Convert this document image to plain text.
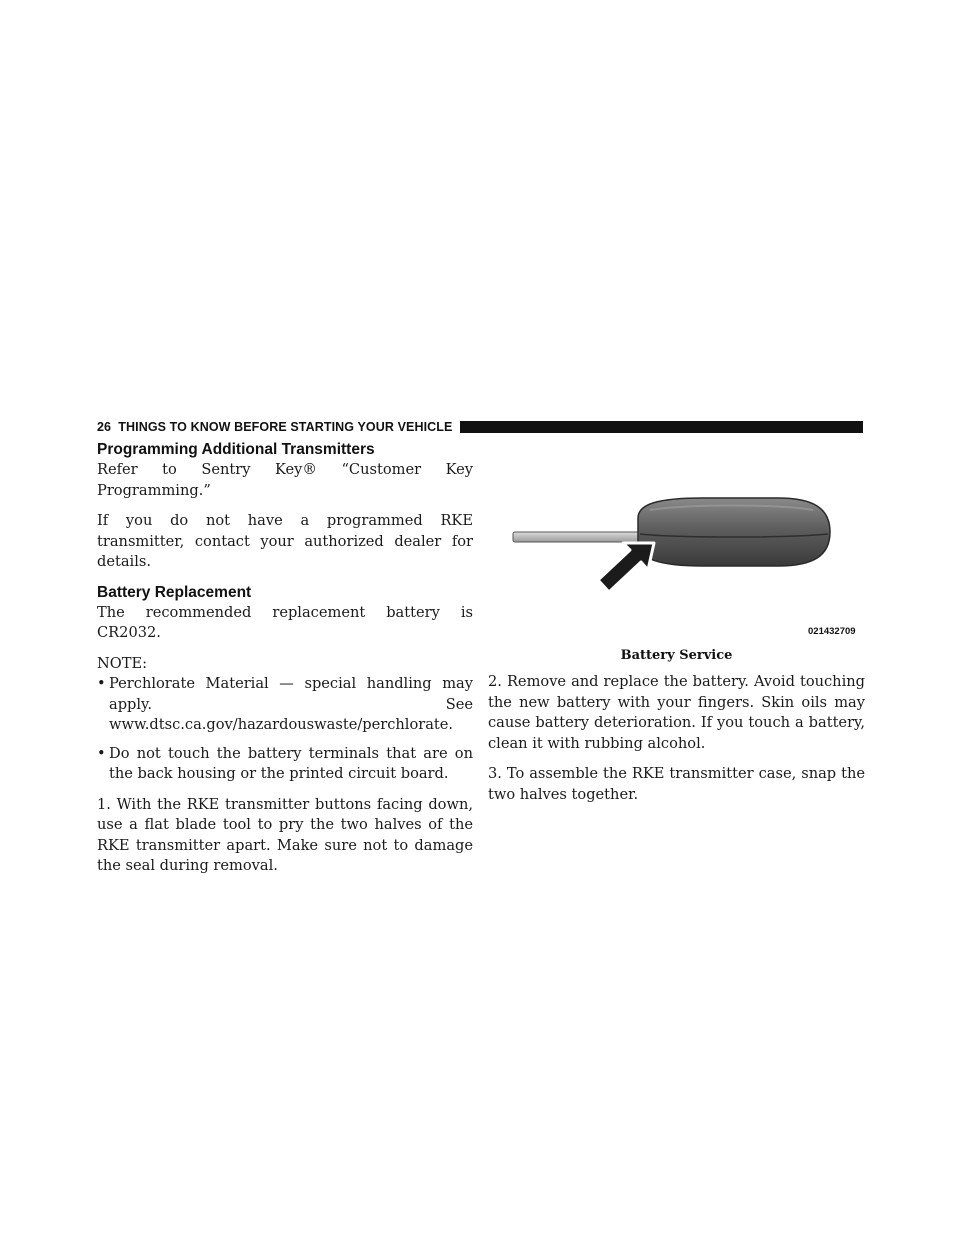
26 THINGS TO KNOW BEFORE STARTING YOUR VEHICLE
Programming Additional Transmitters

Refer to Sentry Key® “Customer Key Programming.”

If you do not have a programmed RKE transmitter, contact your authorized dealer for details.

Battery Replacement

The recommended replacement battery is CR2032.

NOTE:

• Perchlorate Material — special handling may apply. See www.dtsc.ca.gov/hazardouswaste/perchlorate.
• Do not touch the battery terminals that are on the back housing or the printed circuit board.

1. With the RKE transmitter buttons facing down, use a flat blade tool to pry the two halves of the RKE transmitter apart. Make sure not to damage the seal during removal.

021432709
Battery Service

2. Remove and replace the battery. Avoid touching the new battery with your fingers. Skin oils may cause battery deterioration. If you touch a battery, clean it with rubbing alcohol.

3. To assemble the RKE transmitter case, snap the two halves together.
